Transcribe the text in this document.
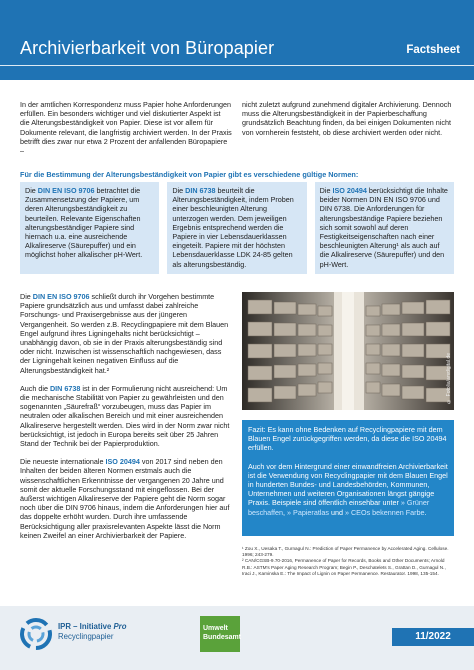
Archivierbarkeit von Büropapier	Factsheet
In der amtlichen Korrespondenz muss Papier hohe Anforderungen erfüllen. Ein besonders wichtiger und viel diskutierter Aspekt ist die Alterungsbeständigkeit von Papier. Diese ist vor allem für Dokumente relevant, die langfristig archiviert werden. In der Praxis betrifft dies zwar nur etwa 2 Prozent der anfallenden Büropapiere –
nicht zuletzt aufgrund zunehmend digitaler Archivierung. Dennoch muss die Alterungsbeständigkeit in der Papierbeschaffung grundsätzlich Beachtung finden, da bei einigen Dokumenten nicht von vornherein feststeht, ob diese archiviert werden oder nicht.
Für die Bestimmung der Alterungsbeständigkeit von Papier gibt es verschiedene gültige Normen:
Die DIN EN ISO 9706 betrachtet die Zusammensetzung der Papiere, um deren Alterungsbeständigkeit zu beurteilen. Relevante Eigenschaften alterungsbeständiger Papiere sind hiernach u.a. eine ausreichende Alkalireserve (Säurepuffer) und ein möglichst hoher alkalischer pH-Wert.
Die DIN 6738 beurteilt die Alterungsbeständigkeit, indem Proben einer beschleunigten Alterung unterzogen werden. Dem jeweiligen Ergebnis entsprechend werden die Papiere in vier Lebensdauerklassen eingeteilt. Papiere mit der höchsten Lebensdauerklasse LDK 24-85 gelten als alterungsbeständig.
Die ISO 20494 berücksichtigt die Inhalte beider Normen DIN EN ISO 9706 und DIN 6738. Die Anforderungen für alterungsbeständige Papiere beziehen sich somit sowohl auf deren Festigkeitseigenschaften nach einer beschleunigten Alterung¹ als auch auf die Alkalireserve (Säurepuffer) und den pH-Wert.

Die DIN EN ISO 9706 schließt durch ihr Vorgehen bestimmte Papiere grundsätzlich aus und umfasst dabei zahlreiche Forschungs- und Praxisergebnisse aus der jüngeren Vergangenheit. So werden z.B. Recyclingpapiere mit dem Blauen Engel aufgrund ihres Ligningehalts nicht berücksichtigt – unabhängig davon, ob sie in der Praxis alterungsbeständig sind oder nicht. Inzwischen ist wissenschaftlich nachgewiesen, dass der Ligningehalt keinen negativen Einfluss auf die Alterungsbeständigkeit hat.²

Auch die DIN 6738 ist in der Formulierung nicht ausreichend: Um die mechanische Stabilität von Papier zu gewährleisten und den sogenannten „Säurefraß“ vorzubeugen, muss das Papier im neutralen oder alkalischen Bereich und mit einer ausreichenden Alkalireserve hergestellt werden. Dies wird in der Norm zwar nicht berücksichtigt, ist jedoch in Europa bereits seit über 25 Jahren Stand der Technik bei der Papierproduktion.

Die neueste internationale ISO 20494 von 2017 sind neben den Inhalten der beiden älteren Normen erstmals auch die wissenschaftlichen Erkenntnisse der vergangenen 20 Jahre und somit der aktuelle Forschungsstand mit eingeflossen. Bei der äußerst wichtigen Alkalireserve der Papiere geht die Norm sogar noch über die DIN 9706 hinaus, indem die Anforderungen hier auf das doppelte erhöht wurden. Durch ihre umfassende Berücksichtigung aller praxisrelevanten Aspekte lässt die Norm keinen Zweifel an einer Archivierbarkeit der Papiere.

© Fotolia/arsdigital.de

Fazit: Es kann ohne Bedenken auf Recyclingpapiere mit dem Blauen Engel zurückgegriffen werden, da diese die ISO 20494 erfüllen.

Auch vor dem Hintergrund einer einwandfreien Archivierbarkeit ist die Verwendung von Recyclingpapier mit dem Blauen Engel in hunderten Bundes- und Landesbehörden, Kommunen, Unternehmen und weiteren Organisationen längst gängige Praxis. Beispiele sind öffentlich einsehbar unter » Grüner beschaffen, » Papieratlas und » CEOs bekennen Farbe.

¹ Zou X., Uesaka T., Gurnagul N.: Prediction of Paper Permanence by Accelerated Aging. Cellulose. 1996; 243-279.
² CAN/CGSB-9.70-2016, Permanence of Paper for Records, Books and Other Documents; Arnold R.B.: ASTM's Paper Aging Research Program; Begin P., Deschatelets S., Grattan D., Gurnagul N., Iraci J., Kaminska E.: The Impact of Lignin on Paper Permanence. Restaurator. 1998, 135-154.
IPR – Initiative Pro
Recyclingpapier
Umwelt
Bundesamt	11/2022
